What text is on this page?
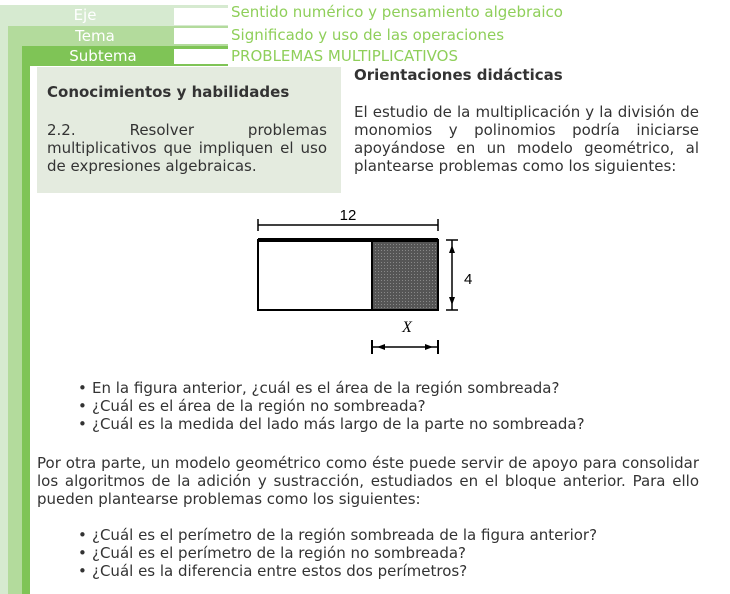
Eje
Tema
Subtema
Sentido numérico y pensamiento algebraico
Significado y uso de las operaciones
PROBLEMAS MULTIPLICATIVOS
Conocimientos y habilidades
2.2. Resolver problemas multiplicativos que impliquen el uso de expresiones algebraicas.
Orientaciones didácticas
El estudio de la multiplicación y la división de monomios y polinomios podría iniciarse apoyándose en un modelo geométrico, al plantearse problemas como los siguientes:
12
4
X
• En la figura anterior, ¿cuál es el área de la región sombreada?
• ¿Cuál es el área de la región no sombreada?
• ¿Cuál es la medida del lado más largo de la parte no sombreada?
Por otra parte, un modelo geométrico como éste puede servir de apoyo para consolidar los algoritmos de la adición y sustracción, estudiados en el bloque anterior. Para ello pueden plantearse problemas como los siguientes:
• ¿Cuál es el perímetro de la región sombreada de la figura anterior?
• ¿Cuál es el perímetro de la región no sombreada?
• ¿Cuál es la diferencia entre estos dos perímetros?
